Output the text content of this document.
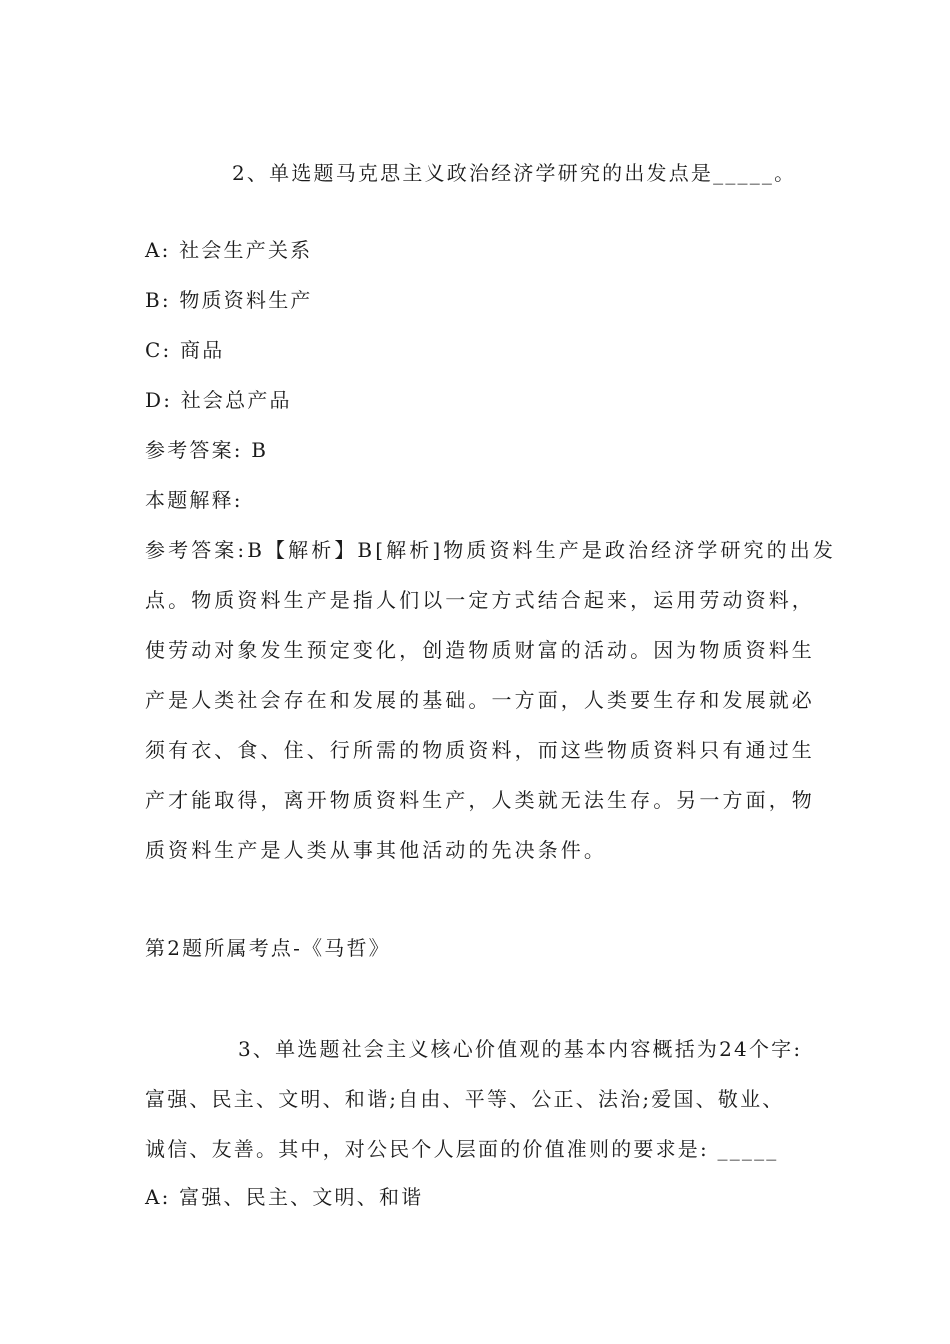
2、单选题马克思主义政治经济学研究的出发点是_____。
A: 社会生产关系
B: 物质资料生产
C: 商品
D: 社会总产品
参考答案: B
本题解释:
参考答案:B【解析】B[解析]物质资料生产是政治经济学研究的出发
点。物质资料生产是指人们以一定方式结合起来，运用劳动资料，
使劳动对象发生预定变化，创造物质财富的活动。因为物质资料生
产是人类社会存在和发展的基础。一方面，人类要生存和发展就必
须有衣、食、住、行所需的物质资料，而这些物质资料只有通过生
产才能取得，离开物质资料生产，人类就无法生存。另一方面，物
质资料生产是人类从事其他活动的先决条件。
第2题所属考点-《马哲》
3、单选题社会主义核心价值观的基本内容概括为24个字:
富强、民主、文明、和谐;自由、平等、公正、法治;爱国、敬业、
诚信、友善。其中，对公民个人层面的价值准则的要求是: _____
A: 富强、民主、文明、和谐
